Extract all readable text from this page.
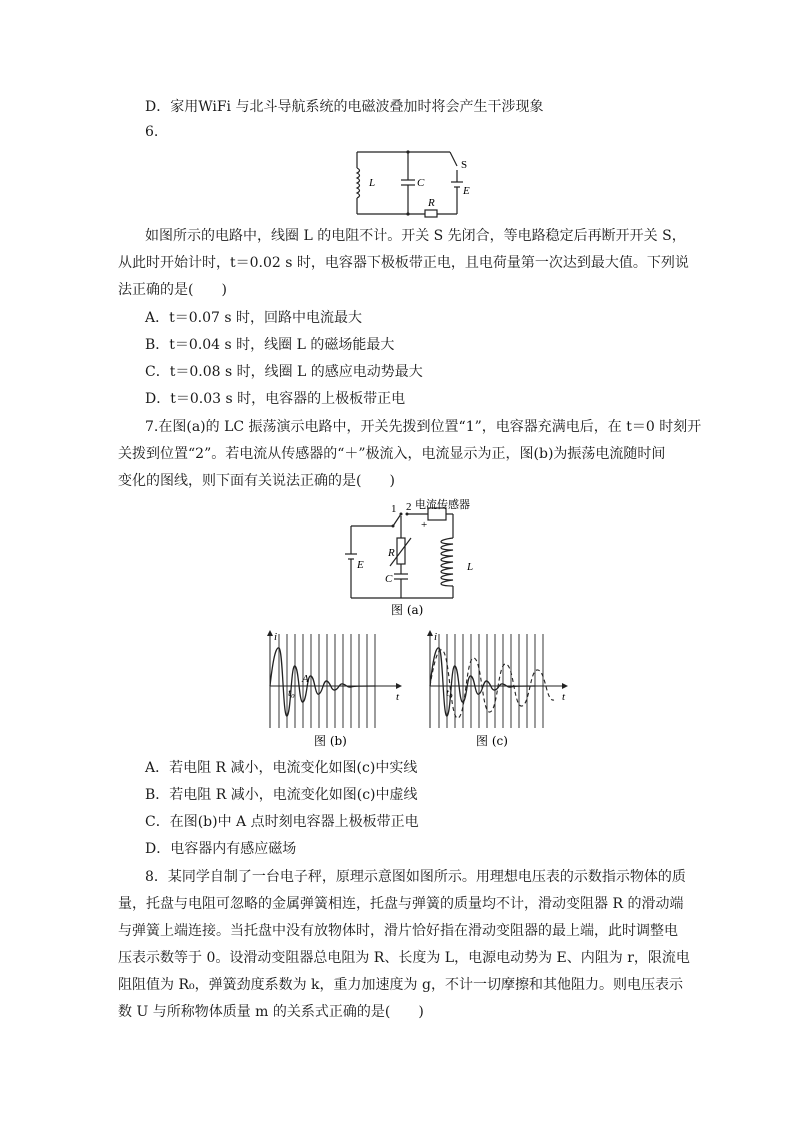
D．家用WiFi 与北斗导航系统的电磁波叠加时将会产生干涉现象
6.
L	C
S
E
R
如图所示的电路中，线圈 L 的电阻不计。开关 S 先闭合，等电路稳定后再断开开关 S，
从此时开始计时，t＝0.02 s 时，电容器下极板带正电，且电荷量第一次达到最大值。下列说
法正确的是(　　)
A．t＝0.07 s 时，回路中电流最大
B．t＝0.04 s 时，线圈 L 的磁场能最大
C．t＝0.08 s 时，线圈 L 的感应电动势最大
D．t＝0.03 s 时，电容器的上极板带正电
7.在图(a)的 LC 振荡演示电路中，开关先拨到位置“1”，电容器充满电后，在 t＝0 时刻开
关拨到位置“2”。若电流从传感器的“＋”极流入，电流显示为正，图(b)为振荡电流随时间
变化的图线，则下面有关说法正确的是(　　)
电流传感器
1 2
+
E
R
C
L
图 (a)
A
t₀
i
t
图 (b)
t₀
i
t
图 (c)
A．若电阻 R 减小，电流变化如图(c)中实线
B．若电阻 R 减小，电流变化如图(c)中虚线
C．在图(b)中 A 点时刻电容器上极板带正电
D．电容器内有感应磁场
8．某同学自制了一台电子秤，原理示意图如图所示。用理想电压表的示数指示物体的质
量，托盘与电阻可忽略的金属弹簧相连，托盘与弹簧的质量均不计，滑动变阻器 R 的滑动端
与弹簧上端连接。当托盘中没有放物体时，滑片恰好指在滑动变阻器的最上端，此时调整电
压表示数等于 0。设滑动变阻器总电阻为 R、长度为 L，电源电动势为 E、内阻为 r，限流电
阻阻值为 R₀，弹簧劲度系数为 k，重力加速度为 g，不计一切摩擦和其他阻力。则电压表示
数 U 与所称物体质量 m 的关系式正确的是(　　)
